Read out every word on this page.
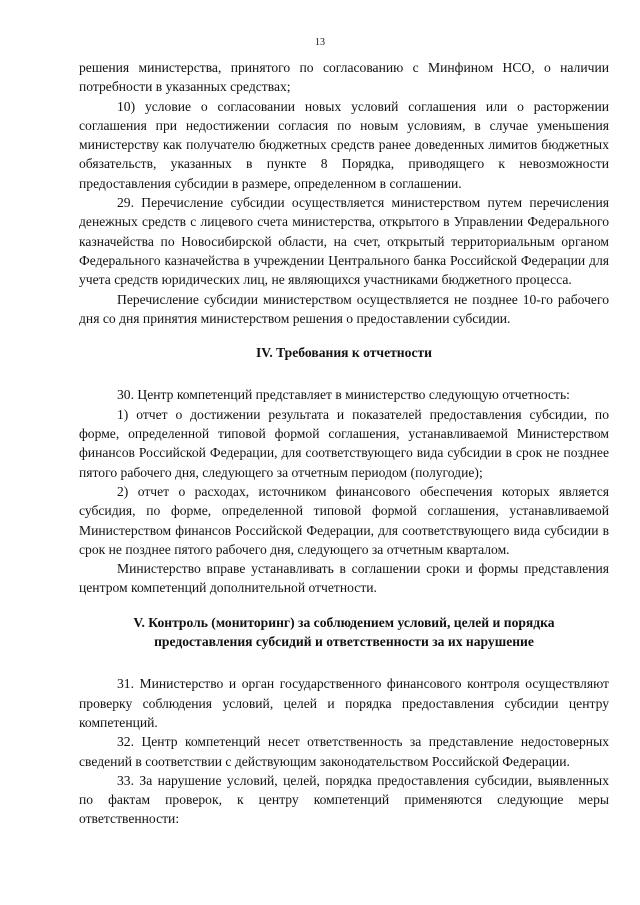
13

решения министерства, принятого по согласованию с Минфином НСО, о наличии потребности в указанных средствах;

10) условие о согласовании новых условий соглашения или о расторжении соглашения при недостижении согласия по новым условиям, в случае уменьшения министерству как получателю бюджетных средств ранее доведенных лимитов бюджетных обязательств, указанных в пункте 8 Порядка, приводящего к невозможности предоставления субсидии в размере, определенном в соглашении.

29. Перечисление субсидии осуществляется министерством путем перечисления денежных средств с лицевого счета министерства, открытого в Управлении Федерального казначейства по Новосибирской области, на счет, открытый территориальным органом Федерального казначейства в учреждении Центрального банка Российской Федерации для учета средств юридических лиц, не являющихся участниками бюджетного процесса.

Перечисление субсидии министерством осуществляется не позднее 10-го рабочего дня со дня принятия министерством решения о предоставлении субсидии.

IV. Требования к отчетности

30. Центр компетенций представляет в министерство следующую отчетность:

1) отчет о достижении результата и показателей предоставления субсидии, по форме, определенной типовой формой соглашения, устанавливаемой Министерством финансов Российской Федерации, для соответствующего вида субсидии в срок не позднее пятого рабочего дня, следующего за отчетным периодом (полугодие);

2) отчет о расходах, источником финансового обеспечения которых является субсидия, по форме, определенной типовой формой соглашения, устанавливаемой Министерством финансов Российской Федерации, для соответствующего вида субсидии в срок не позднее пятого рабочего дня, следующего за отчетным кварталом.

Министерство вправе устанавливать в соглашении сроки и формы представления центром компетенций дополнительной отчетности.

V. Контроль (мониторинг) за соблюдением условий, целей и порядка

предоставления субсидий и ответственности за их нарушение

31. Министерство и орган государственного финансового контроля осуществляют проверку соблюдения условий, целей и порядка предоставления субсидии центру компетенций.

32. Центр компетенций несет ответственность за представление недостоверных сведений в соответствии с действующим законодательством Российской Федерации.

33. За нарушение условий, целей, порядка предоставления субсидии, выявленных по фактам проверок, к центру компетенций применяются следующие меры ответственности:
